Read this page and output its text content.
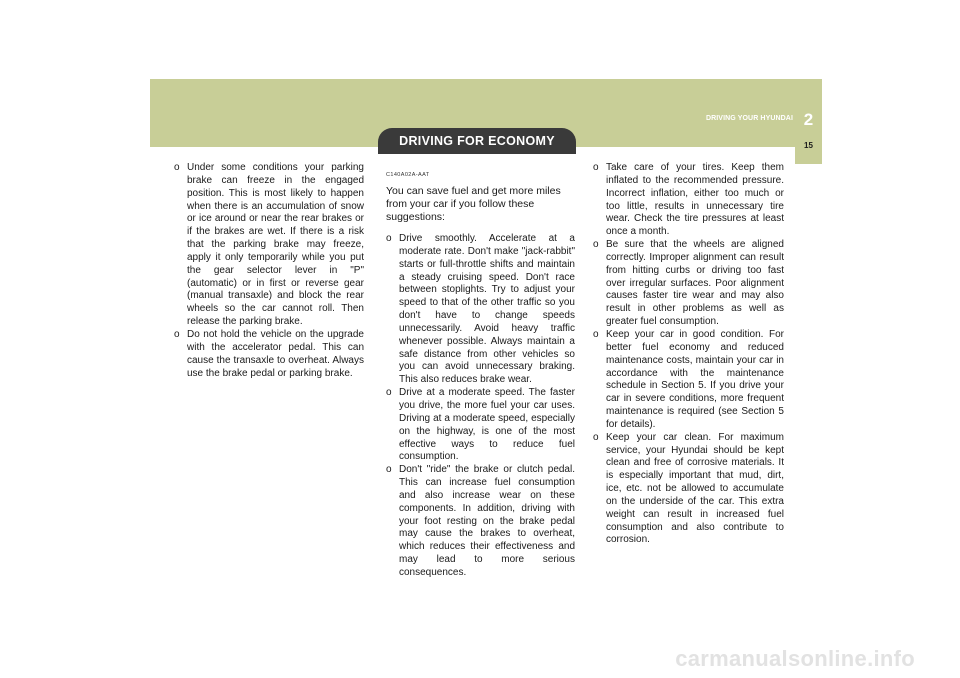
DRIVING YOUR HYUNDAI 2
15
DRIVING FOR ECONOMY
o Under some conditions your parking brake can freeze in the engaged position. This is most likely to happen when there is an accumulation of snow or ice around or near the rear brakes or if the brakes are wet. If there is a risk that the parking brake may freeze, apply it only temporarily while you put the gear selector lever in "P" (automatic) or in first or reverse gear (manual transaxle) and block the rear wheels so the car cannot roll. Then release the parking brake.
o Do not hold the vehicle on the upgrade with the accelerator pedal. This can cause the transaxle to overheat. Always use the brake pedal or parking brake.
C140A02A-AAT

You can save fuel and get more miles from your car if you follow these suggestions:

o Drive smoothly. Accelerate at a moderate rate. Don't make "jack-rabbit" starts or full-throttle shifts and maintain a steady cruising speed. Don't race between stoplights. Try to adjust your speed to that of the other traffic so you don't have to change speeds unnecessarily. Avoid heavy traffic whenever possible. Always maintain a safe distance from other vehicles so you can avoid unnecessary braking. This also reduces brake wear.
o Drive at a moderate speed. The faster you drive, the more fuel your car uses. Driving at a moderate speed, especially on the highway, is one of the most effective ways to reduce fuel consumption.
o Don't "ride" the brake or clutch pedal. This can increase fuel consumption and also increase wear on these components. In addition, driving with your foot resting on the brake pedal may cause the brakes to overheat, which reduces their effectiveness and may lead to more serious consequences.
o Take care of your tires. Keep them inflated to the recommended pressure. Incorrect inflation, either too much or too little, results in unnecessary tire wear. Check the tire pressures at least once a month.
o Be sure that the wheels are aligned correctly. Improper alignment can result from hitting curbs or driving too fast over irregular surfaces. Poor alignment causes faster tire wear and may also result in other problems as well as greater fuel consumption.
o Keep your car in good condition. For better fuel economy and reduced maintenance costs, maintain your car in accordance with the maintenance schedule in Section 5. If you drive your car in severe conditions, more frequent maintenance is required (see Section 5 for details).
o Keep your car clean. For maximum service, your Hyundai should be kept clean and free of corrosive materials. It is especially important that mud, dirt, ice, etc. not be allowed to accumulate on the underside of the car. This extra weight can result in increased fuel consumption and also contribute to corrosion.
carmanualsonline.info
